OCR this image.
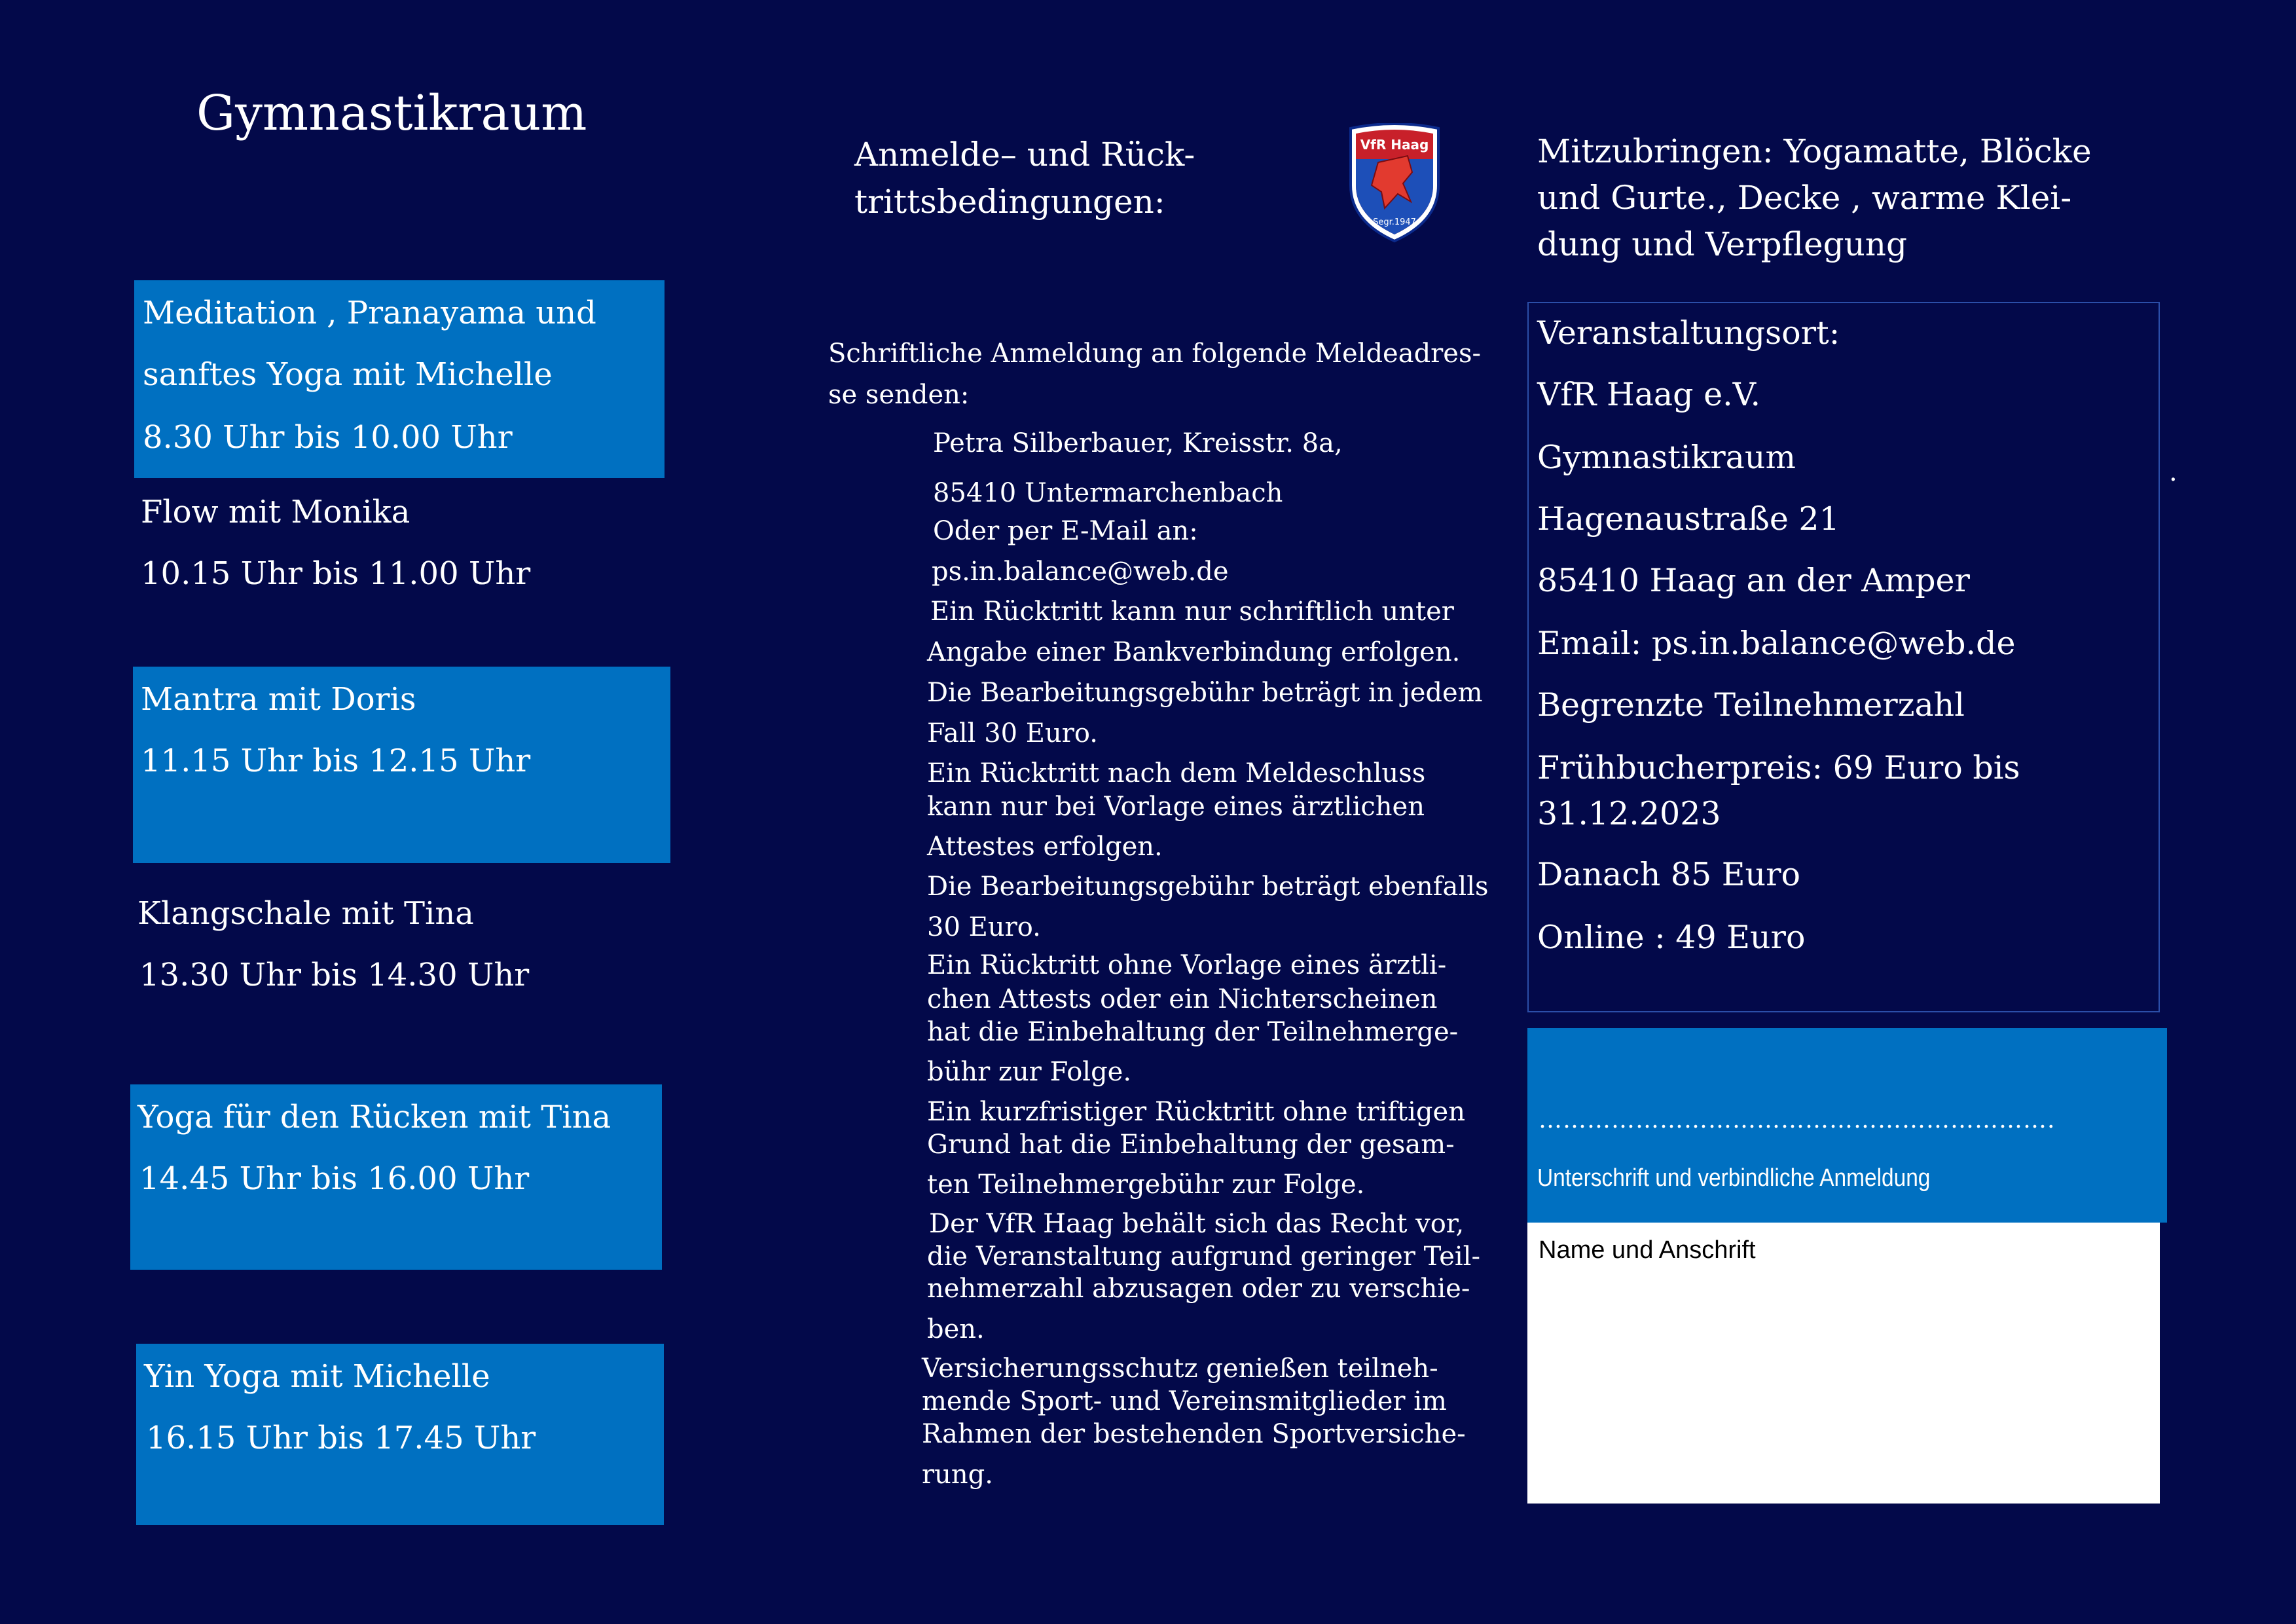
Gymnastikraum
Meditation , Pranayama und
sanftes Yoga mit Michelle
8.30 Uhr bis 10.00 Uhr
Flow mit Monika
10.15 Uhr bis 11.00 Uhr
Mantra mit Doris
11.15 Uhr bis 12.15 Uhr
Klangschale mit Tina
13.30 Uhr bis 14.30 Uhr
Yoga für den Rücken mit Tina
14.45 Uhr bis 16.00 Uhr
Yin Yoga mit Michelle
16.15 Uhr bis 17.45 Uhr
Anmelde– und Rück-
trittsbedingungen:
VfR Haag
Segr.1947
Schriftliche Anmeldung an folgende Meldeadres-
se senden:
Petra Silberbauer, Kreisstr. 8a,
85410 Untermarchenbach
Oder per E-Mail an:
ps.in.balance@web.de
Ein Rücktritt kann nur schriftlich unter
Angabe einer Bankverbindung erfolgen.
Die Bearbeitungsgebühr beträgt in jedem
Fall 30 Euro.
Ein Rücktritt nach dem Meldeschluss
kann nur bei Vorlage eines ärztlichen
Attestes erfolgen.
Die Bearbeitungsgebühr beträgt ebenfalls
30 Euro.
Ein Rücktritt ohne Vorlage eines ärztli-
chen Attests oder ein Nichterscheinen
hat die Einbehaltung der Teilnehmerge-
bühr zur Folge.
Ein kurzfristiger Rücktritt ohne triftigen
Grund hat die Einbehaltung der gesam-
ten Teilnehmergebühr zur Folge.
Der VfR Haag behält sich das Recht vor,
die Veranstaltung aufgrund geringer Teil-
nehmerzahl abzusagen oder zu verschie-
ben.
Versicherungsschutz genießen teilneh-
mende Sport- und Vereinsmitglieder im
Rahmen der bestehenden Sportversiche-
rung.
Mitzubringen: Yogamatte, Blöcke
und Gurte., Decke , warme Klei-
dung und Verpflegung
Veranstaltungsort:
VfR Haag e.V.
Gymnastikraum
Hagenaustraße 21
85410 Haag an der Amper
Email: ps.in.balance@web.de
Begrenzte Teilnehmerzahl
Frühbucherpreis: 69 Euro bis
31.12.2023
Danach 85 Euro
Online : 49 Euro
.
……………………………………………………….
Unterschrift und verbindliche Anmeldung
Name und Anschrift
